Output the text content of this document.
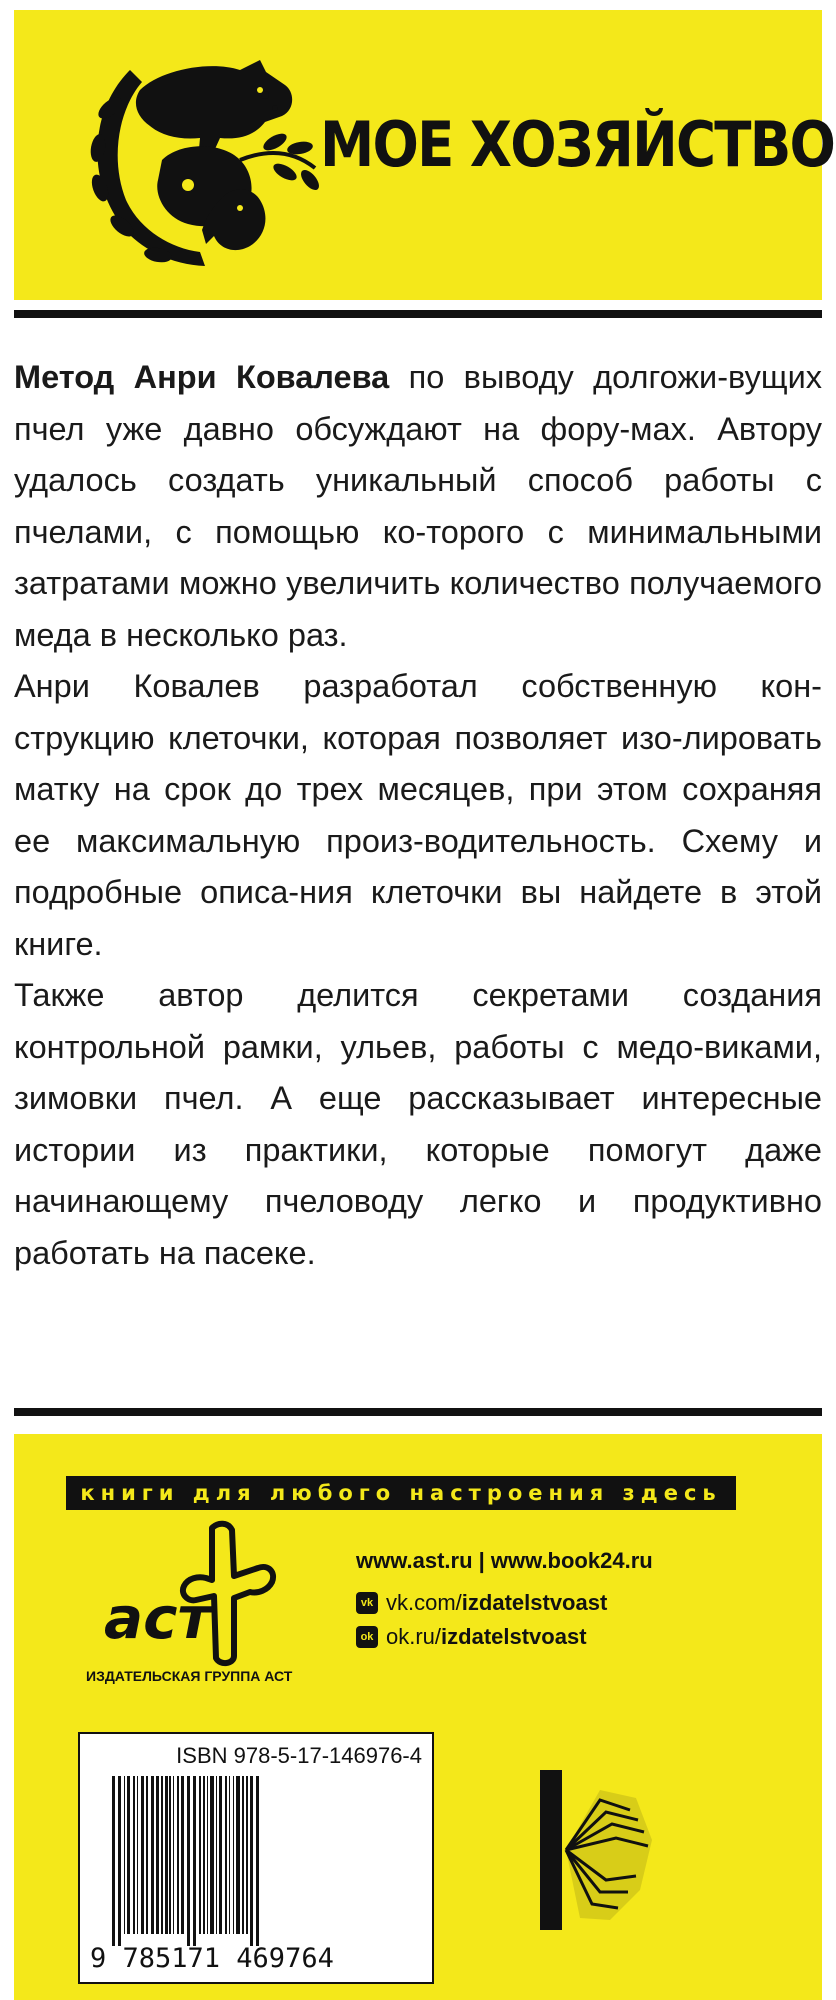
МОЕ ХОЗЯЙСТВО

Метод Анри Ковалева по выводу долгожи-вущих пчел уже давно обсуждают на фору-мах. Автору удалось создать уникальный способ работы с пчелами, с помощью ко-торого с минимальными затратами можно увеличить количество получаемого меда в несколько раз.

Анри Ковалев разработал собственную кон-струкцию клеточки, которая позволяет изо-лировать матку на срок до трех месяцев, при этом сохраняя ее максимальную произ-водительность. Схему и подробные описа-ния клеточки вы найдете в этой книге.

Также автор делится секретами создания контрольной рамки, ульев, работы с медо-виками, зимовки пчел. А еще рассказывает интересные истории из практики, которые помогут даже начинающему пчеловоду легко и продуктивно работать на пасеке.

книги для любого настроения здесь
аст
ИЗДАТЕЛЬСКАЯ ГРУППА АСТ
www.ast.ru | www.book24.ru
vk vk.com/ izdatelstvoast
ok ok.ru/ izdatelstvoast
ISBN 978-5-17-146976-4
9 785171 469764
